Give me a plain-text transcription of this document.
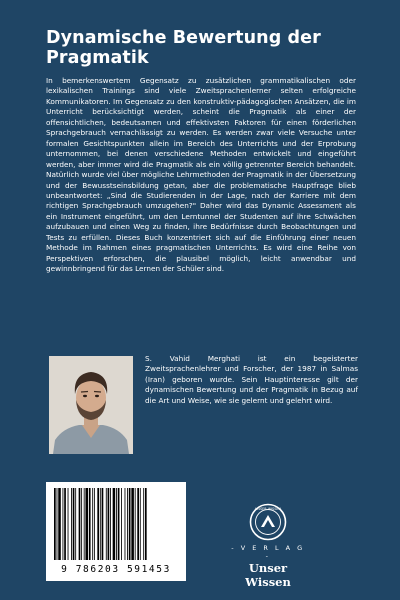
Dynamische Bewertung der
Pragmatik

In bemerkenswertem Gegensatz zu zusätzlichen grammatikalischen oder lexikalischen Trainings sind viele Zweitsprachenlerner selten erfolgreiche Kommunikatoren. Im Gegensatz zu den konstruktiv-pädagogischen Ansätzen, die im Unterricht berücksichtigt werden, scheint die Pragmatik als einer der offensichtlichen, bedeutsamen und effektivsten Faktoren für einen förderlichen Sprachgebrauch vernachlässigt zu werden. Es werden zwar viele Versuche unter formalen Gesichtspunkten allein im Bereich des Unterrichts und der Erprobung unternommen, bei denen verschiedene Methoden entwickelt und eingeführt werden, aber immer wird die Pragmatik als ein völlig getrennter Bereich behandelt. Natürlich wurde viel über mögliche Lehrmethoden der Pragmatik in der Übersetzung und der Bewusstseinsbildung getan, aber die problematische Hauptfrage blieb unbeantwortet: „Sind die Studierenden in der Lage, nach der Karriere mit dem richtigen Sprachgebrauch umzugehen?" Daher wird das Dynamic Assessment als ein Instrument eingeführt, um den Lerntunnel der Studenten auf ihre Schwächen aufzubauen und einen Weg zu finden, ihre Bedürfnisse durch Beobachtungen und Tests zu erfüllen. Dieses Buch konzentriert sich auf die Einführung einer neuen Methode im Rahmen eines pragmatischen Unterrichts. Es wird eine Reihe von Perspektiven erforschen, die plausibel möglich, leicht anwendbar und gewinnbringend für das Lernen der Schüler sind.

S. Vahid Merghati ist ein begeisterter Zweitsprachenlehrer und Forscher, der 1987 in Salmas (Iran) geboren wurde. Sein Hauptinteresse gilt der dynamischen Bewertung und der Pragmatik in Bezug auf die Art und Weise, wie sie gelernt und gelehrt wird.

9 786203 591453
UNSER WISSEN
- V E R L A G -
Unser Wissen
